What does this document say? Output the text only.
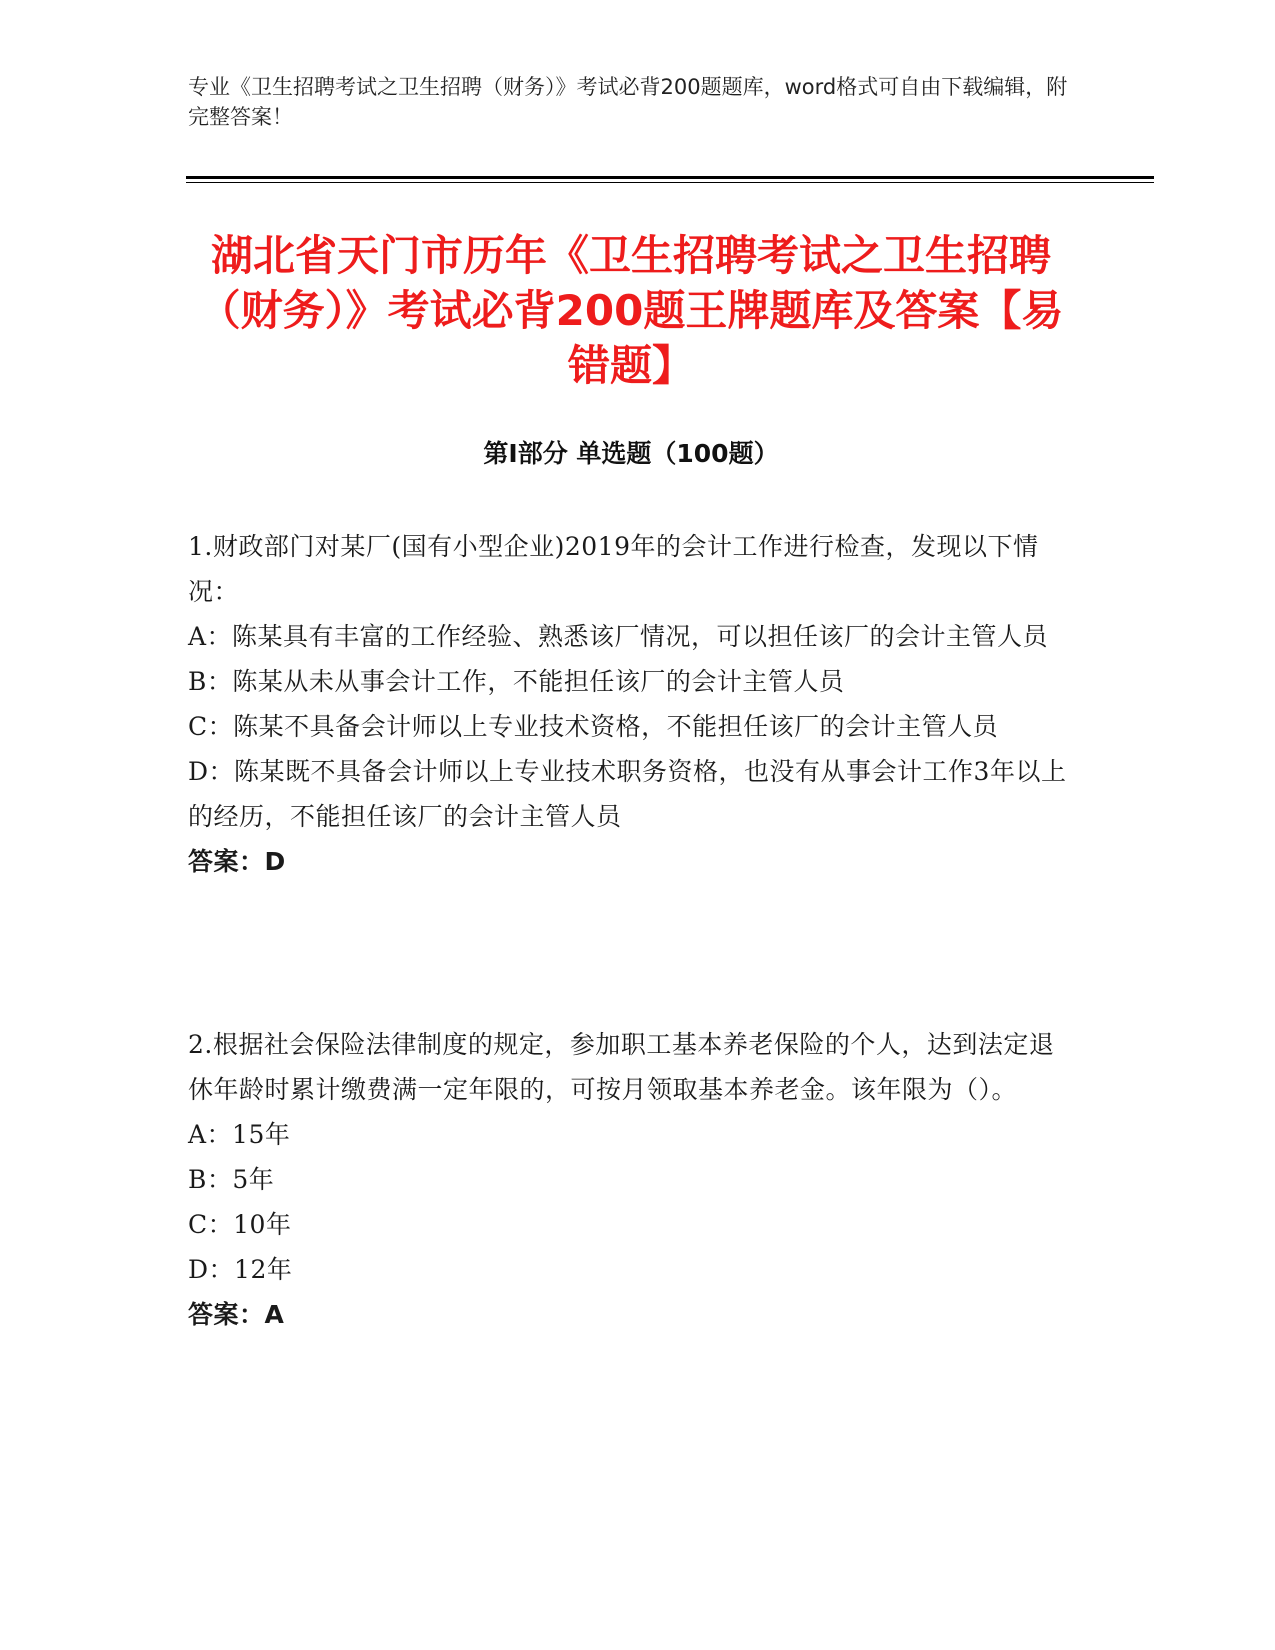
专业《卫生招聘考试之卫生招聘（财务）》考试必背200题题库，word格式可自由下载编辑，附完整答案！
湖北省天门市历年《卫生招聘考试之卫生招聘（财务）》考试必背200题王牌题库及答案【易错题】
第I部分 单选题（100题）

1.财政部门对某厂(国有小型企业)2019年的会计工作进行检查，发现以下情况：

A：陈某具有丰富的工作经验、熟悉该厂情况，可以担任该厂的会计主管人员

B：陈某从未从事会计工作，不能担任该厂的会计主管人员

C：陈某不具备会计师以上专业技术资格，不能担任该厂的会计主管人员

D：陈某既不具备会计师以上专业技术职务资格，也没有从事会计工作3年以上的经历，不能担任该厂的会计主管人员

答案：D

2.根据社会保险法律制度的规定，参加职工基本养老保险的个人，达到法定退休年龄时累计缴费满一定年限的，可按月领取基本养老金。该年限为（）。

A：15年

B：5年

C：10年

D：12年

答案：A
